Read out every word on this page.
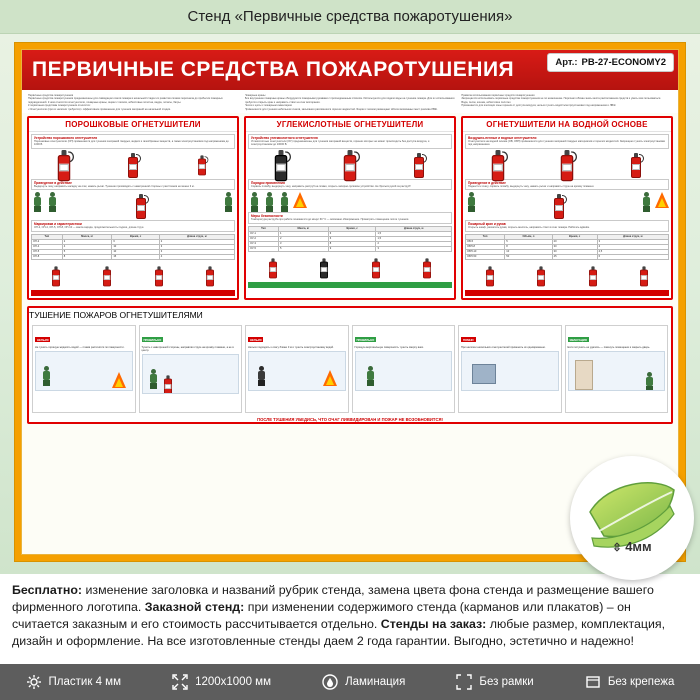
Стенд «Первичные средства пожаротушения»
ПЕРВИЧНЫЕ СРЕДСТВА ПОЖАРОТУШЕНИЯ	Арт.: PB-27-ECONOMY2
Первичные средства пожаротушения
Первичные средства пожаротушения предназначены для ликвидации очагов пожара в начальной стадии их развития силами персонала до прибытия пожарных подразделений. К ним относятся огнетушители, пожарные краны, ящики с песком, асбестовые полотна, ведра, лопаты, багры.
К первичным средствам пожаротушения относятся:
• Огнетушители (при их наличии требуется) • эффективное применение для тушения загораний на начальной стадии.
Пожарные краны
Все внутренние пожарные краны оборудуются пожарными рукавами с присоединенным стволом. Используются для подачи воды на тушение пожара. Для их использования требуется открыть кран и направить ствол на очаг возгорания.
Песок и щиты с пожарным инвентарем
Применяются для тушения небольших очагов, засыпания разлившихся горючих жидкостей. Ящики с песком размещают вблизи возможных мест разлива ЛВЖ.
Правила использования первичных средств пожаротушения
Запрещается использовать первичные средства пожаротушения не по назначению. Персонал обязан знать места расположения средств и уметь ими пользоваться.
Вода, песок, кошма, асбестовое полотно
Применяются для изоляции зоны горения от доступа воздуха; нельзя тушить водой электроустановки под напряжением и ЛВЖ.
ПОРОШКОВЫЕ ОГНЕТУШИТЕЛИ
Устройство порошкового огнетушителя
Порошковые огнетушители (ОП) применяются для тушения загораний твердых, жидких и газообразных веществ, а также электроустановок под напряжением до 1000 В.
Приведение в действие
Выдернуть чеку, направить насадку на очаг, нажать рычаг. Тушение производить с наветренной стороны с расстояния не менее 3 м.
Маркировка и характеристики
ОП-2, ОП-4, ОП-5, ОП-8, ОП-10 — масса заряда, продолжительность подачи, длина струи.
Тип	Масса, кг	Время, с	Длина струи, м
ОП-2	2	6	2
ОП-4	4	10	3
ОП-5	5	10	3
ОП-8	8	15	4

УГЛЕКИСЛОТНЫЕ ОГНЕТУШИТЕЛИ
Устройство углекислотного огнетушителя
Углекислотные огнетушители (ОУ) предназначены для тушения загораний веществ, горение которых не может происходить без доступа воздуха, и электроустановок до 10000 В.
Порядок применения
Сорвать пломбу, выдернуть чеку, направить раструб на пламя, открыть запорно-пусковое устройство. Не браться рукой за раструб!
Меры безопасности
Температура раструба при работе понижается до минус 60 °C — возможно обморожение. Проветрить помещение после тушения.
Тип	Масса, кг	Время, с	Длина струи, м
ОУ-1	1	6	1,5
ОУ-2	2	6	1,5
ОУ-3	3	8	2
ОУ-5	5	9	3

ОГНЕТУШИТЕЛИ НА ВОДНОЙ ОСНОВЕ
Воздушно-пенные и водные огнетушители
Огнетушители на водной основе (ОВ, ОВП) применяются для тушения загораний твердых материалов и горючих жидкостей. Запрещено тушить электроустановки под напряжением.
Приведение в действие
Поднести к очагу, сорвать пломбу, выдернуть чеку, нажать рычаг и направить струю на кромку пламени.
Пожарный кран и рукав
Открыть шкаф, раскатать рукав, открыть вентиль, направить ствол в очаг пожара. Работать вдвоём.
Тип	Объём, л	Время, с	Длина струи, м
ОВ-5	5	20	3
ОВП-8	8	30	4
ОВП-10	10	30	4,5
ОВП-50	50	45	6

ТУШЕНИЕ ПОЖАРОВ ОГНЕТУШИТЕЛЯМИ
НЕЛЬЗЯ
Не тушить горящую жидкость водой — пламя растечётся по поверхности.
ПРАВИЛЬНО
Тушить с наветренной стороны, направляя струю на кромку пламени, а не в центр.
НЕЛЬЗЯ
Нельзя подходить к очагу ближе 3 м и тушить электроустановку водой.
ПРАВИЛЬНО
Горящую вертикальную поверхность тушить сверху вниз.
ПОМНИ
При наличии нескольких огнетушителей применять их одновременно.
ЭВАКУАЦИЯ
Если потушить не удалось — покинуть помещение и закрыть дверь.
ПОСЛЕ ТУШЕНИЯ УБЕДИСЬ, ЧТО ОЧАГ ЛИКВИДИРОВАН И ПОЖАР НЕ ВОЗОБНОВИТСЯ!
⇳ 4мм
Бесплатно: изменение заголовка и названий рубрик стенда, замена цвета фона стенда и размещение вашего фирменного логотипа. Заказной стенд: при изменении содержимого стенда (карманов или плакатов) – он считается заказным и его стоимость рассчитывается отдельно. Стенды на заказ: любые размер, комплектация, дизайн и оформление. На все изготовленные стенды даем 2 года гарантии. Выгодно, эстетично и надежно!
Пластик 4 мм	1200x1000 мм	Ламинация	Без рамки	Без крепежа
